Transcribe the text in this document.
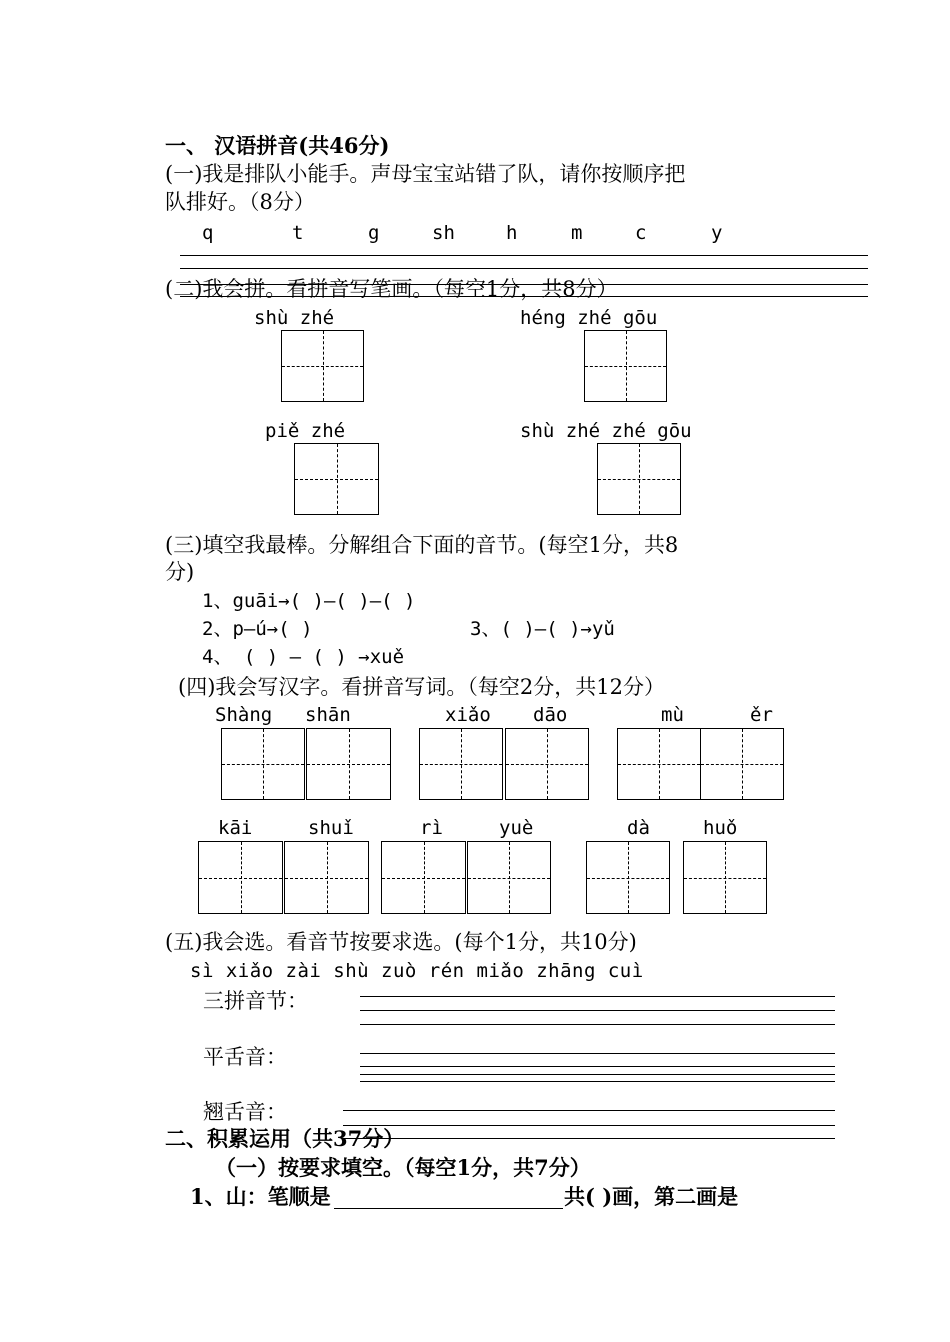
一、 汉语拼音(共46分)
(一)我是排队小能手。声母宝宝站错了队，请你按顺序把
队排好。（8分）
q	t	g	sh	h	m	c	y
(二)我会拼。看拼音写笔画。（每空1分，共8分）
shù zhé	héng zhé gōu
piě zhé	shù zhé zhé gōu
(三)填空我最棒。分解组合下面的音节。(每空1分，共8
分)
1、guāi→( )—( )—( )
2、p—ú→( )	3、( )—( )→yǔ
4、 ( ) — ( ) →xuě
(四)我会写汉字。看拼音写词。（每空2分，共12分）
Shàng shān	xiǎo dāo	mù	ěr
kāi	shuǐ	rì	yuè	dà	huǒ
(五)我会选。看音节按要求选。(每个1分，共10分)
sì xiǎo zài shù zuò rén miǎo zhāng cuì
三拼音节：
平舌音：
翘舌音：
二、积累运用（共37分）
（一）按要求填空。（每空1分，共7分）
1、山：笔顺是	共( )画，第二画是
